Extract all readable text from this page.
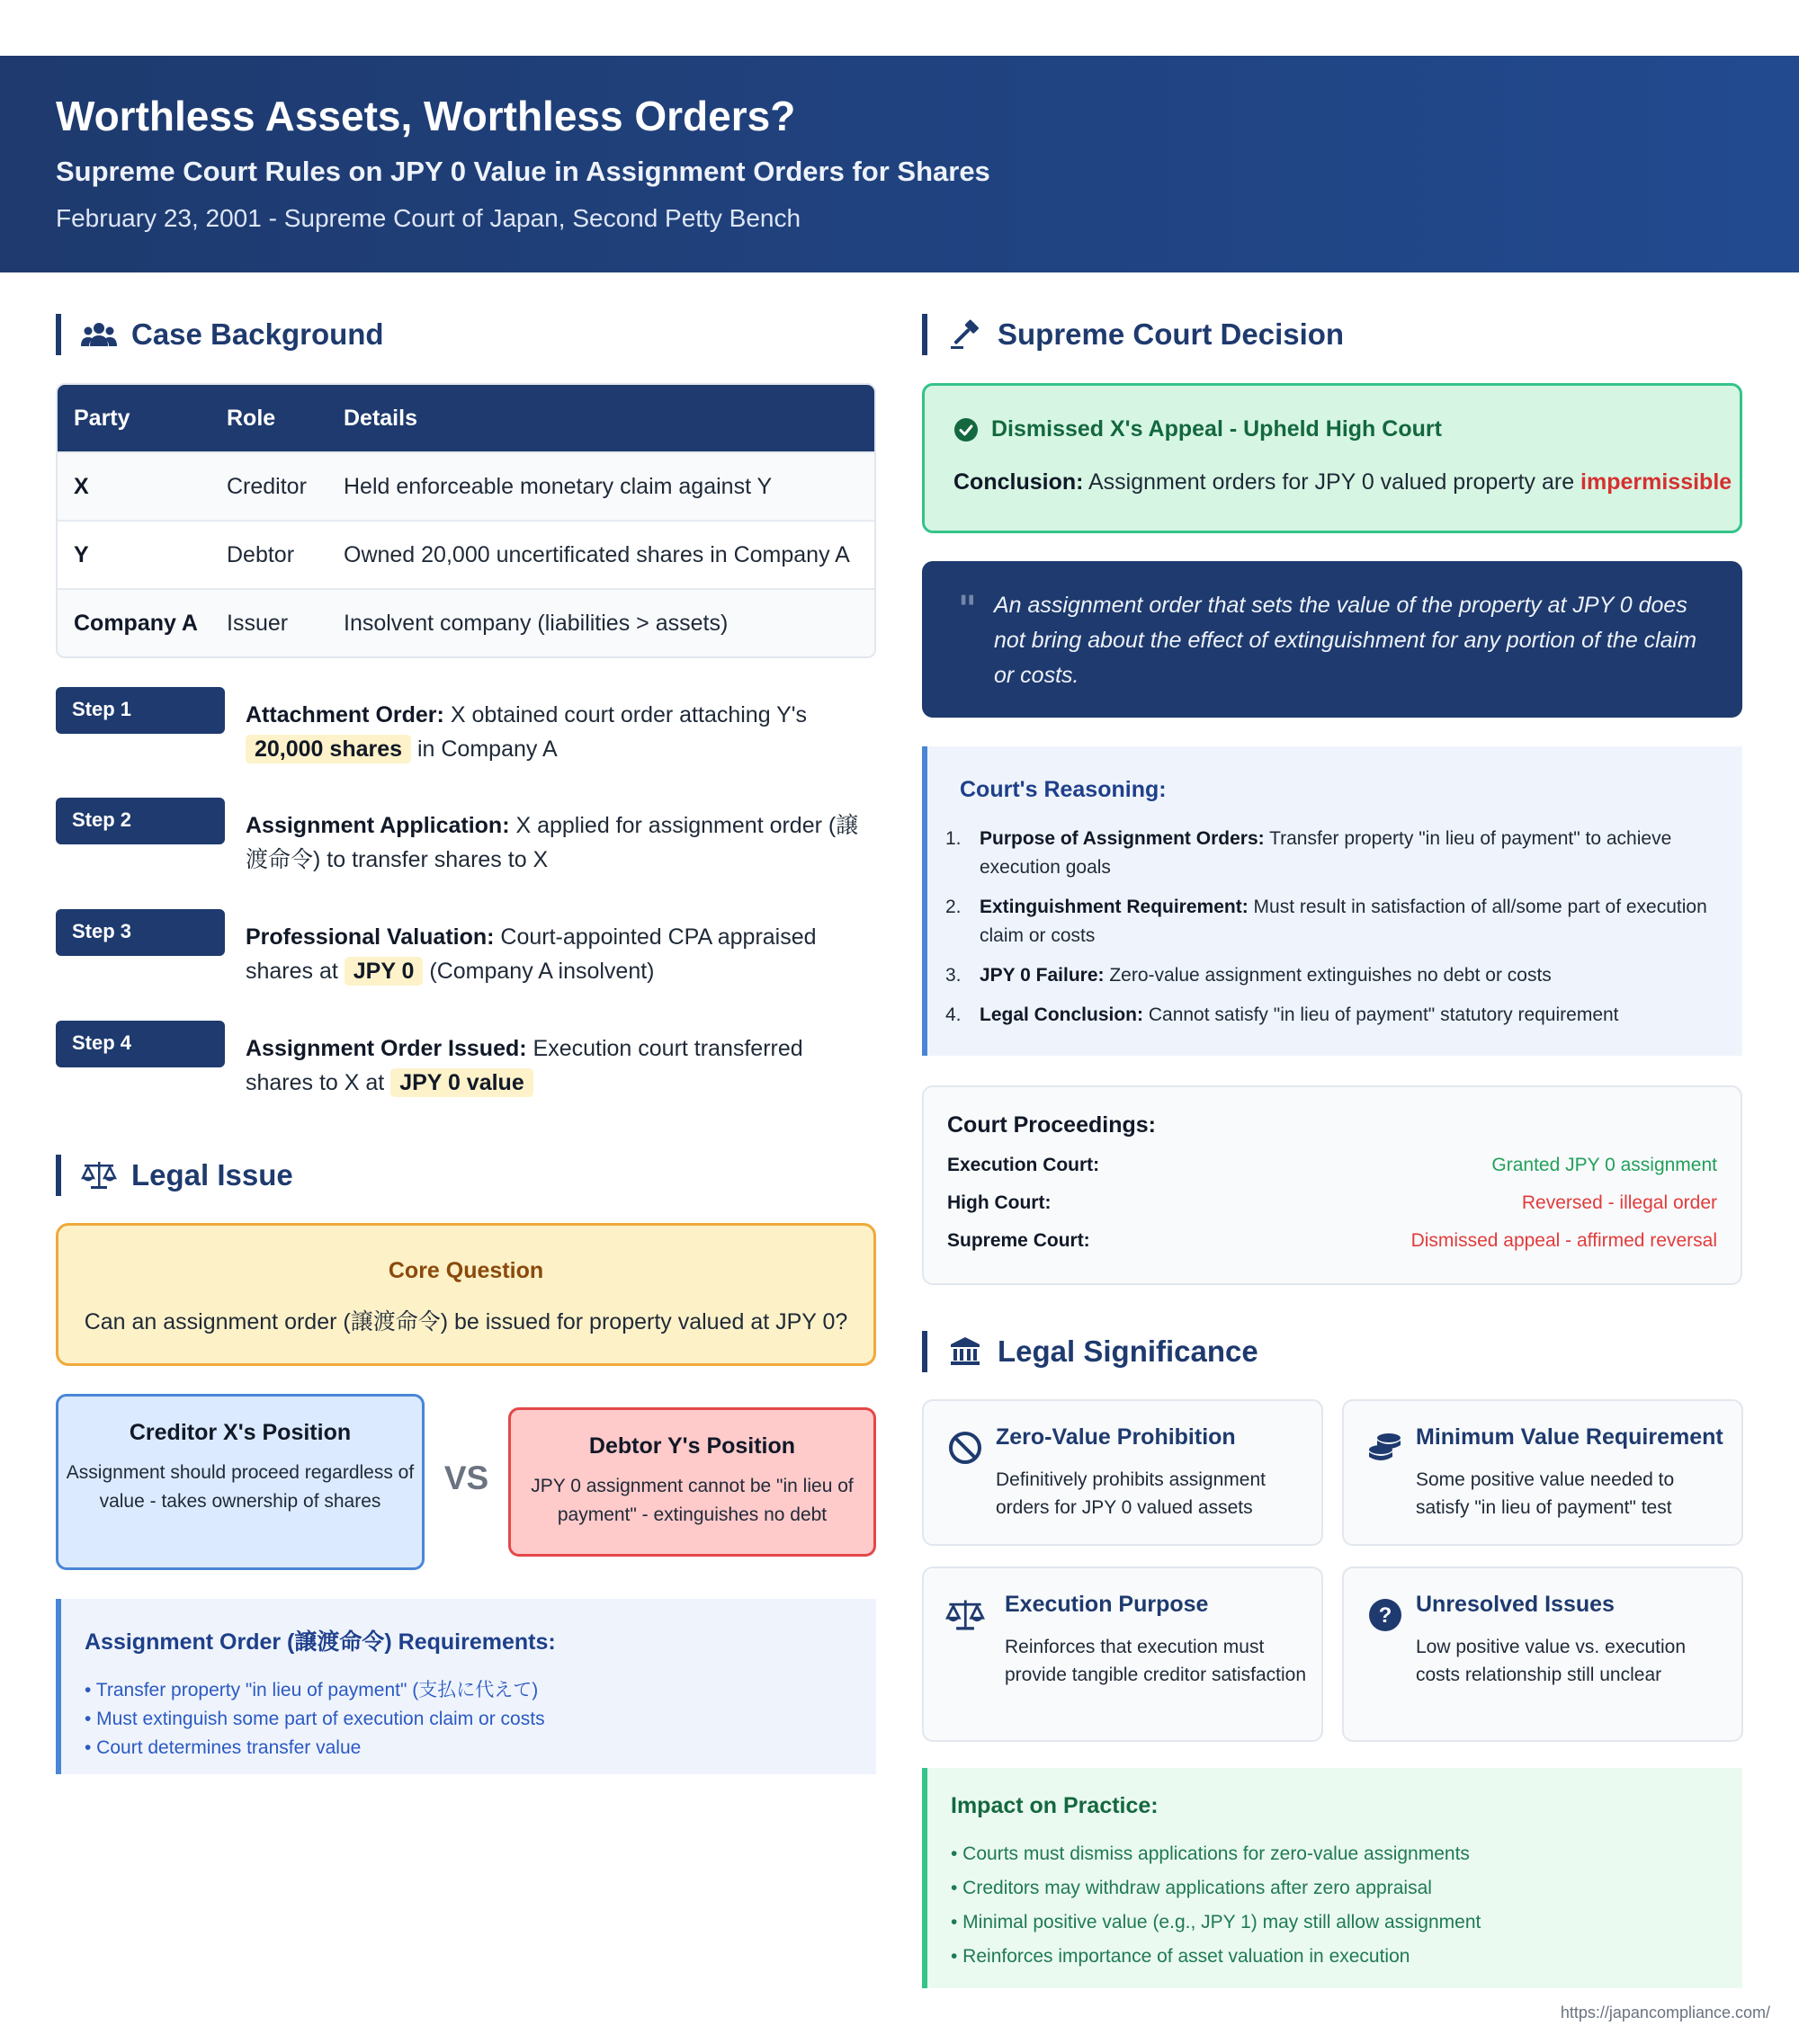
Worthless Assets, Worthless Orders?
Supreme Court Rules on JPY 0 Value in Assignment Orders for Shares
February 23, 2001 - Supreme Court of Japan, Second Petty Bench
Case Background
Party	Role	Details
X	Creditor	Held enforceable monetary claim against Y
Y	Debtor	Owned 20,000 uncertificated shares in Company A
Company A	Issuer	Insolvent company (liabilities > assets)
Step 1	Attachment Order: X obtained court order attaching Y's 20,000 shares in Company A
Step 2	Assignment Application: X applied for assignment order (譲渡命令) to transfer shares to X
Step 3	Professional Valuation: Court-appointed CPA appraised shares at JPY 0 (Company A insolvent)
Step 4	Assignment Order Issued: Execution court transferred shares to X at JPY 0 value
Legal Issue
Core Question
Can an assignment order (譲渡命令) be issued for property valued at JPY 0?
Creditor X's Position
Assignment should proceed regardless of value - takes ownership of shares
VS
Debtor Y's Position
JPY 0 assignment cannot be "in lieu of payment" - extinguishes no debt
Assignment Order (譲渡命令) Requirements:
• Transfer property "in lieu of payment" (支払に代えて)
• Must extinguish some part of execution claim or costs
• Court determines transfer value
Supreme Court Decision
Dismissed X's Appeal - Upheld High Court
Conclusion: Assignment orders for JPY 0 valued property are impermissible
" An assignment order that sets the value of the property at JPY 0 does not bring about the effect of extinguishment for any portion of the claim or costs.
Court's Reasoning:
1. Purpose of Assignment Orders: Transfer property "in lieu of payment" to achieve execution goals
2. Extinguishment Requirement: Must result in satisfaction of all/some part of execution claim or costs
3. JPY 0 Failure: Zero-value assignment extinguishes no debt or costs
4. Legal Conclusion: Cannot satisfy "in lieu of payment" statutory requirement
Court Proceedings:
Execution Court:	Granted JPY 0 assignment
High Court:	Reversed - illegal order
Supreme Court:	Dismissed appeal - affirmed reversal
Legal Significance
Zero-Value Prohibition
Definitively prohibits assignment orders for JPY 0 valued assets
Minimum Value Requirement
Some positive value needed to satisfy "in lieu of payment" test
Execution Purpose
Reinforces that execution must provide tangible creditor satisfaction
? Unresolved Issues
Low positive value vs. execution costs relationship still unclear
Impact on Practice:
• Courts must dismiss applications for zero-value assignments
• Creditors may withdraw applications after zero appraisal
• Minimal positive value (e.g., JPY 1) may still allow assignment
• Reinforces importance of asset valuation in execution
https://japancompliance.com/
